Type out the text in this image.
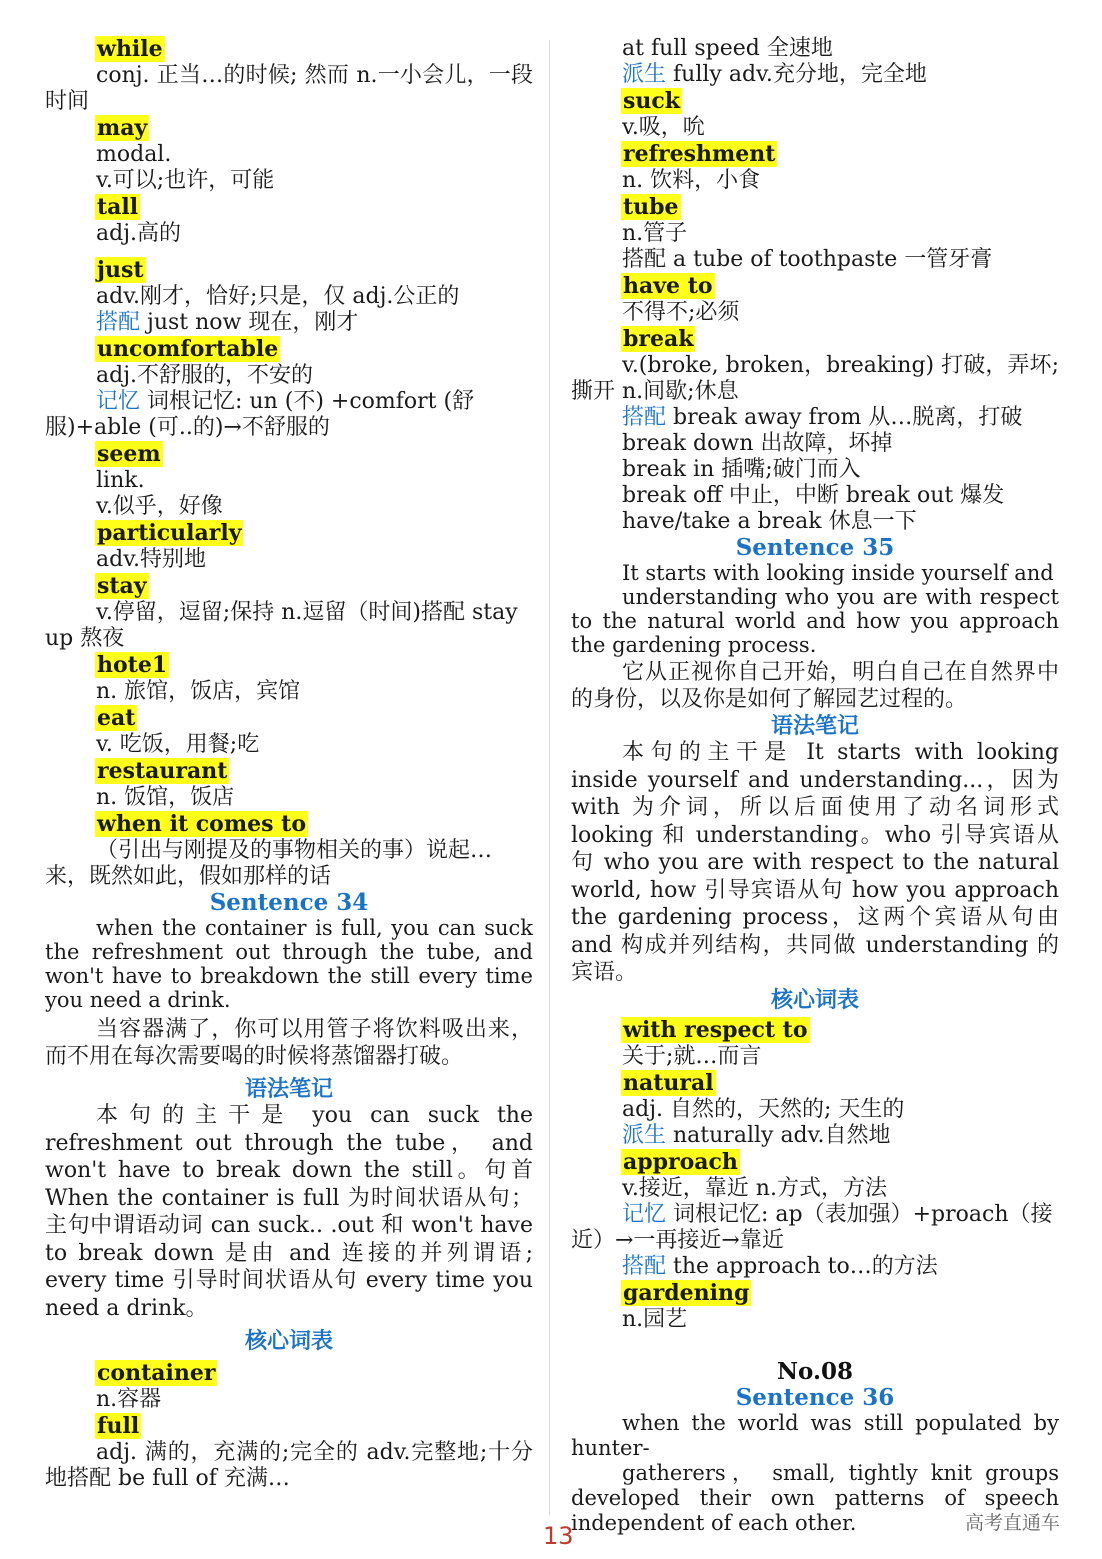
while
conj. 正当…的时候; 然而 n.一小会儿，一段时间
may
modal.
v.可以;也许，可能
tall
adj.高的
just
adv.刚才，恰好;只是，仅 adj.公正的
搭配 just now 现在，刚才
uncomfortable
adj.不舒服的，不安的
记忆 词根记忆: un (不) +comfort (舒服)+able (可..的)→不舒服的
seem
link.
v.似乎，好像
particularly
adv.特别地
stay
v.停留，逗留;保持 n.逗留（时间)搭配 stay up 熬夜
hote1
n. 旅馆，饭店，宾馆
eat
v. 吃饭，用餐;吃
restaurant
n. 饭馆，饭店
when it comes to
（引出与刚提及的事物相关的事）说起…来，既然如此，假如那样的话
Sentence 34
when the container is full, you can suck the refreshment out through the tube, and won't have to breakdown the still every time you need a drink.
当容器满了，你可以用管子将饮料吸出来，而不用在每次需要喝的时候将蒸馏器打破。
语法笔记
本句的主干是 you can suck the refreshment out through the tube， and won't have to break down the still。句首 When the container is full 为时间状语从句；主句中谓语动词 can suck.. .out 和 won't have to break down 是由 and 连接的并列谓语; every time 引导时间状语从句 every time you need a drink。
核心词表
container
n.容器
full
adj. 满的，充满的;完全的 adv.完整地;十分地搭配 be full of 充满…
at full speed 全速地
派生 fully adv.充分地，完全地
suck
v.吸，吮
refreshment
n. 饮料，小食
tube
n.管子
搭配 a tube of toothpaste 一管牙膏
have to
不得不;必须
break
v.(broke, broken，breaking) 打破，弄坏;撕开 n.间歇;休息
搭配 break away from 从…脱离，打破
break down 出故障，坏掉
break in 插嘴;破门而入
break off 中止，中断 break out 爆发
have/take a break 休息一下
Sentence 35
It starts with looking inside yourself and
understanding who you are with respect to the natural world and how you approach the gardening process.
它从正视你自己开始，明白自己在自然界中的身份，以及你是如何了解园艺过程的。
语法笔记
本句的主干是 It starts with looking inside yourself and understanding...，因为 with 为介词，所以后面使用了动名词形式 looking 和 understanding。who 引导宾语从句 who you are with respect to the natural world, how 引导宾语从句 how you approach the gardening process，这两个宾语从句由 and 构成并列结构，共同做 understanding 的宾语。
核心词表
with respect to
关于;就…而言
natural
adj. 自然的，天然的; 天生的
派生 naturally adv.自然地
approach
v.接近，靠近 n.方式，方法
记忆 词根记忆: ap（表加强）+proach（接近）→一再接近→靠近
搭配 the approach to…的方法
gardening
n.园艺
No.08
Sentence 36
when the world was still populated by hunter-
gatherers， small, tightly knit groups developed their own patterns of speech independent of each other.
13	高考直通车
